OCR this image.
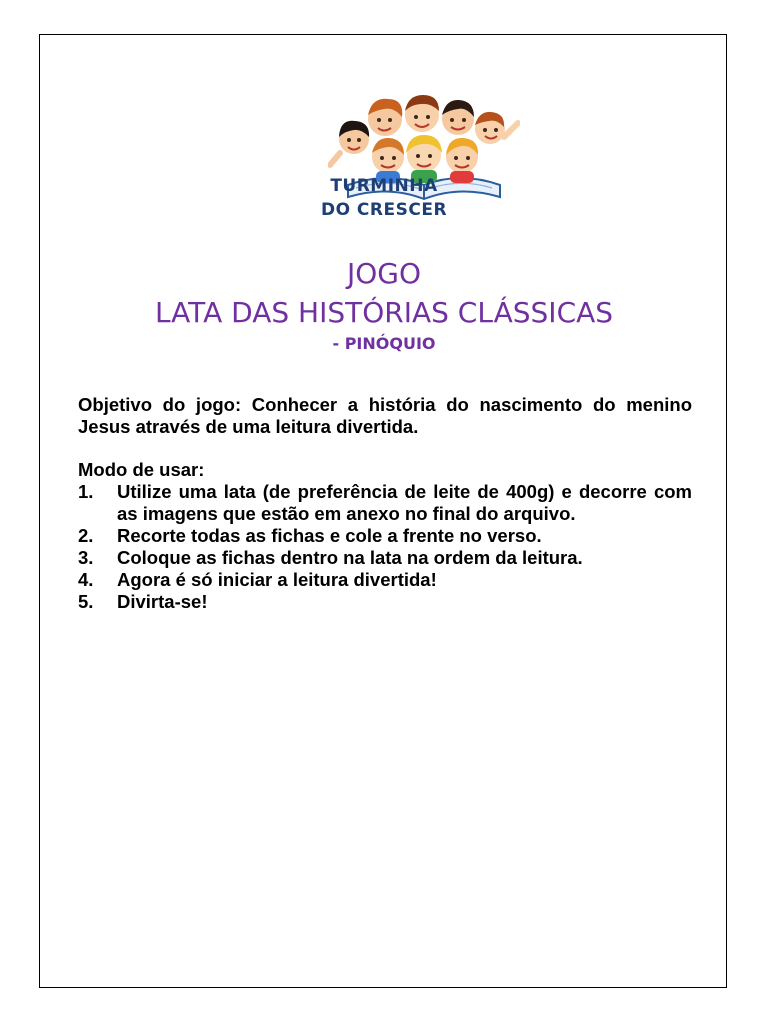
TURMINHA
DO CRESCER
JOGO
LATA DAS HISTÓRIAS CLÁSSICAS
- PINÓQUIO
Objetivo do jogo: Conhecer a história do nascimento do menino Jesus através de uma leitura divertida.
Modo de usar:
1.	Utilize uma lata (de preferência de leite de 400g) e decorre com as imagens que estão em anexo no final do arquivo.
2.	Recorte todas as fichas e cole a frente no verso.
3.	Coloque as fichas dentro na lata na ordem da leitura.
4.	Agora é só iniciar a leitura divertida!
5.	Divirta-se!
